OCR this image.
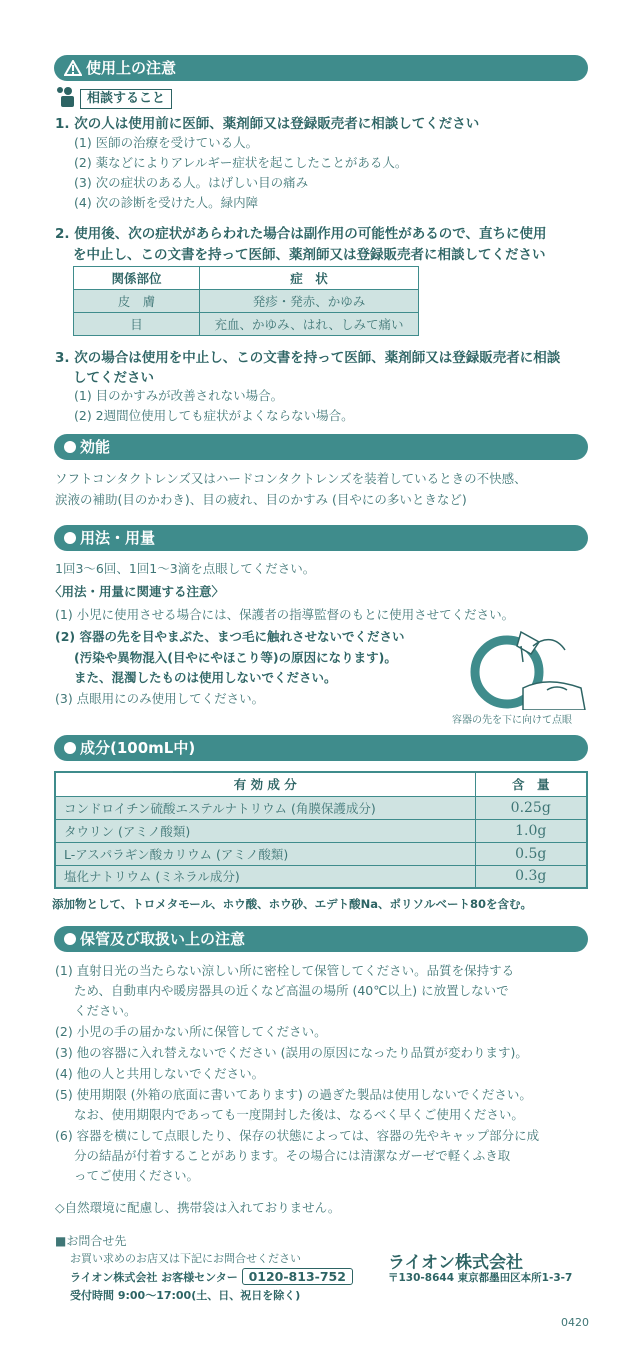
使用上の注意
相談すること
1. 次の人は使用前に医師、薬剤師又は登録販売者に相談してください
(1) 医師の治療を受けている人。
(2) 薬などによりアレルギー症状を起こしたことがある人。
(3) 次の症状のある人。はげしい目の痛み
(4) 次の診断を受けた人。緑内障
2. 使用後、次の症状があらわれた場合は副作用の可能性があるので、直ちに使用
を中止し、この文書を持って医師、薬剤師又は登録販売者に相談してください
関係部位	症　状
皮　膚	発疹・発赤、かゆみ
目	充血、かゆみ、はれ、しみて痛い
3. 次の場合は使用を中止し、この文書を持って医師、薬剤師又は登録販売者に相談
してください
(1) 目のかすみが改善されない場合。
(2) 2週間位使用しても症状がよくならない場合。
効能
ソフトコンタクトレンズ又はハードコンタクトレンズを装着しているときの不快感、
涙液の補助(目のかわき)、目の疲れ、目のかすみ (目やにの多いときなど)
用法・用量
1回3～6回、1回1～3滴を点眼してください。
〈用法・用量に関連する注意〉
(1) 小児に使用させる場合には、保護者の指導監督のもとに使用させてください。
(2) 容器の先を目やまぶた、まつ毛に触れさせないでください
(汚染や異物混入(目やにやほこり等)の原因になります)。
また、混濁したものは使用しないでください。
(3) 点眼用にのみ使用してください。
容器の先を下に向けて点眼
成分(100mL中)
有 効 成 分	含　量
コンドロイチン硫酸エステルナトリウム (角膜保護成分)	0.25g
タウリン (アミノ酸類)	1.0g
L-アスパラギン酸カリウム (アミノ酸類)	0.5g
塩化ナトリウム (ミネラル成分)	0.3g
添加物として、トロメタモール、ホウ酸、ホウ砂、エデト酸Na、ポリソルベート80を含む。
保管及び取扱い上の注意
(1) 直射日光の当たらない涼しい所に密栓して保管してください。品質を保持する
ため、自動車内や暖房器具の近くなど高温の場所 (40℃以上) に放置しないで
ください。
(2) 小児の手の届かない所に保管してください。
(3) 他の容器に入れ替えないでください (誤用の原因になったり品質が変わります)。
(4) 他の人と共用しないでください。
(5) 使用期限 (外箱の底面に書いてあります) の過ぎた製品は使用しないでください。
なお、使用期限内であっても一度開封した後は、なるべく早くご使用ください。
(6) 容器を横にして点眼したり、保存の状態によっては、容器の先やキャップ部分に成
分の結晶が付着することがあります。その場合には清潔なガーゼで軽くふき取
ってご使用ください。
◇自然環境に配慮し、携帯袋は入れておりません。
■お問合せ先
お買い求めのお店又は下記にお問合せください
ライオン株式会社 お客様センター 0120-813-752
受付時間 9:00～17:00(土、日、祝日を除く)
ライオン株式会社
〒130-8644 東京都墨田区本所1-3-7
0420
